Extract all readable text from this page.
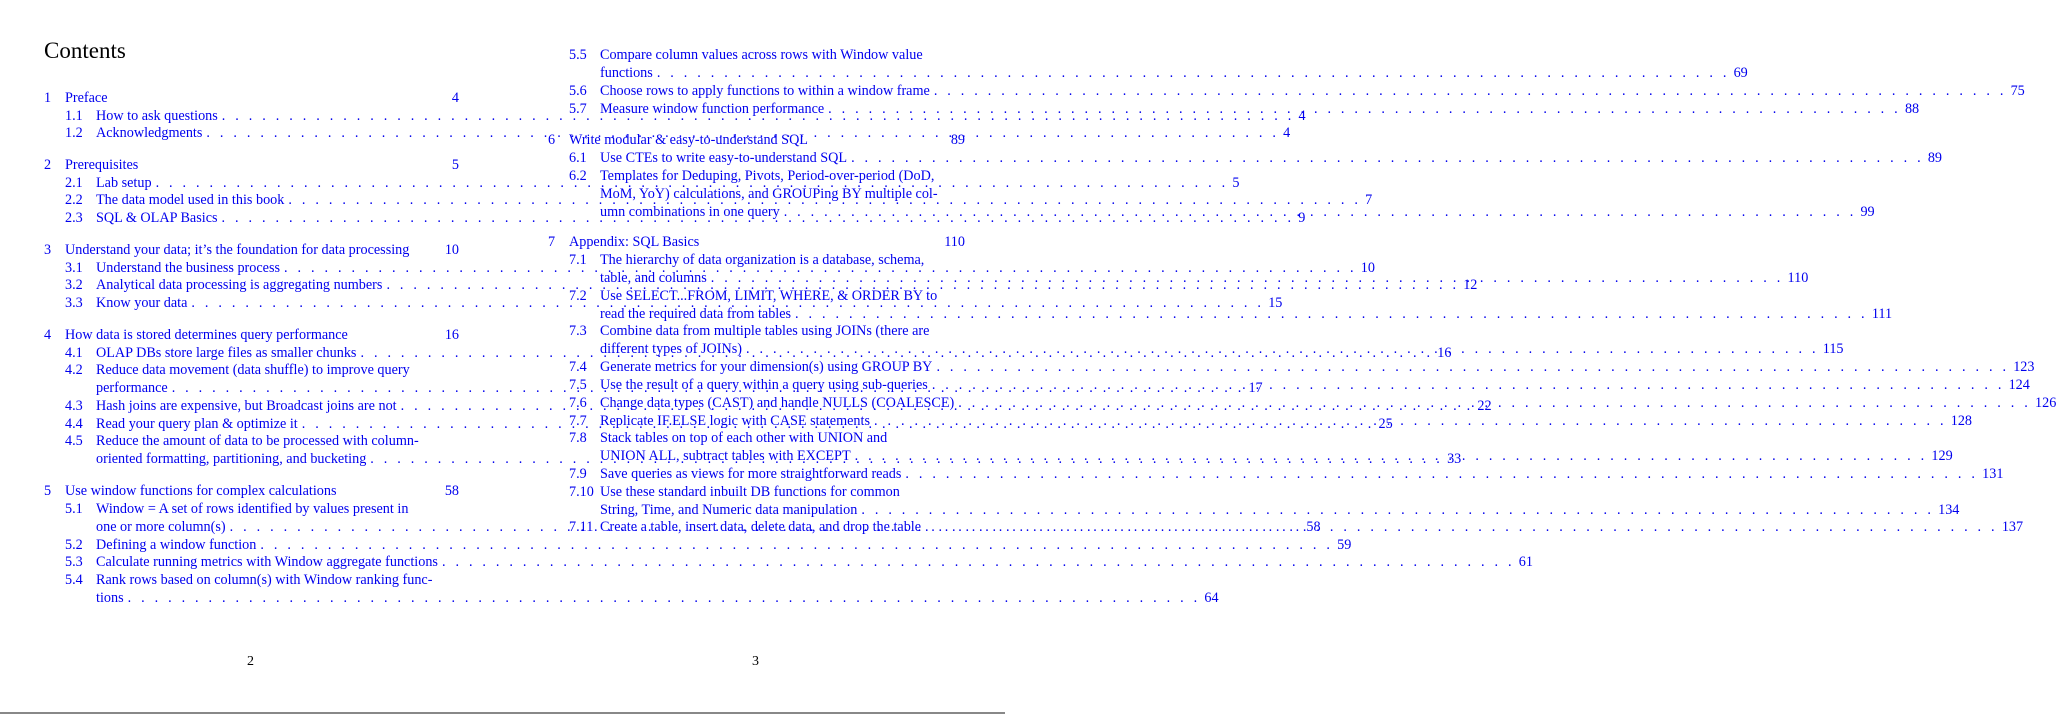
Contents
1 Preface	4
1.1 How to ask questions . . .	4
1.2 Acknowledgments . . .	4
2 Prerequisites	5
2.1 Lab setup . . .	5
2.2 The data model used in this book . . .	7
2.3 SQL & OLAP Basics . . .	9
3 Understand your data; it’s the foundation for data processing 10
3.1 Understand the business process . . .	10
3.2 Analytical data processing is aggregating numbers . . .	12
3.3 Know your data . . .	15
4 How data is stored determines query performance	16
4.1 OLAP DBs store large files as smaller chunks . . .	16
4.2 Reduce data movement (data shuffle) to improve query
performance . . .	17
4.3 Hash joins are expensive, but Broadcast joins are not . . .	22
4.4 Read your query plan & optimize it . . .	25
4.5 Reduce the amount of data to be processed with column-
oriented formatting, partitioning, and bucketing . . .	33
5 Use window functions for complex calculations	58
5.1 Window = A set of rows identified by values present in
one or more column(s) . . .	58
5.2 Defining a window function . . .	59
5.3 Calculate running metrics with Window aggregate functions . . .	61
5.4 Rank rows based on column(s) with Window ranking func-
tions . . .	64
2
5.5 Compare column values across rows with Window value
functions . . .	69
5.6 Choose rows to apply functions to within a window frame . . .	75
5.7 Measure window function performance . . .	88
6 Write modular & easy-to-understand SQL	89
6.1 Use CTEs to write easy-to-understand SQL . . .	89
6.2 Templates for Deduping, Pivots, Period-over-period (DoD,
MoM, YoY) calculations, and GROUPing BY multiple col-
umn combinations in one query . . .	99
7 Appendix: SQL Basics	110
7.1 The hierarchy of data organization is a database, schema,
table, and columns . . .	110
7.2 Use SELECT...FROM, LIMIT, WHERE, & ORDER BY to
read the required data from tables . . .	111
7.3 Combine data from multiple tables using JOINs (there are
different types of JOINs) . . .	115
7.4 Generate metrics for your dimension(s) using GROUP BY . . .	123
7.5 Use the result of a query within a query using sub-queries . . .	124
7.6 Change data types (CAST) and handle NULLS (COALESCE) . . .	126
7.7 Replicate IF.ELSE logic with CASE statements . . .	128
7.8 Stack tables on top of each other with UNION and
UNION ALL, subtract tables with EXCEPT . . .	129
7.9 Save queries as views for more straightforward reads . . .	131
7.10 Use these standard inbuilt DB functions for common
String, Time, and Numeric data manipulation . . .	134
7.11 Create a table, insert data, delete data, and drop the table . . .	137
3
